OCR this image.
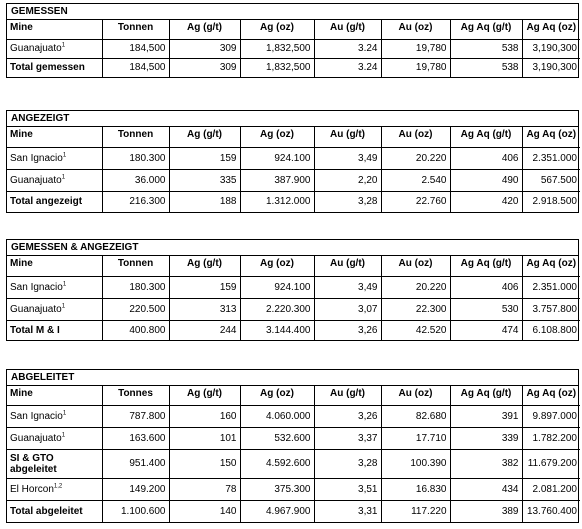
GEMESSEN
Mine	Tonnen	Ag (g/t)	Ag (oz)	Au (g/t)	Au (oz)	Ag Aq (g/t)	Ag Aq (oz)
Guanajuato$^1$	184,500	309	1,832,500	3.24	19,780	538	3,190,300
Total gemessen	184,500	309	1,832,500	3.24	19,780	538	3,190,300
ANGEZEIGT
Mine	Tonnen	Ag (g/t)	Ag (oz)	Au (g/t)	Au (oz)	Ag Aq (g/t)	Ag Aq (oz)
San Ignacio$^1$	180.300	159	924.100	3,49	20.220	406	2.351.000
Guanajuato$^1$	36.000	335	387.900	2,20	2.540	490	567.500
Total angezeigt	216.300	188	1.312.000	3,28	22.760	420	2.918.500
GEMESSEN & ANGEZEIGT
Mine	Tonnen	Ag (g/t)	Ag (oz)	Au (g/t)	Au (oz)	Ag Aq (g/t)	Ag Aq (oz)
San Ignacio$^1$	180.300	159	924.100	3,49	20.220	406	2.351.000
Guanajuato$^1$	220.500	313	2.220.300	3,07	22.300	530	3.757.800
Total M & I	400.800	244	3.144.400	3,26	42.520	474	6.108.800
ABGELEITET
Mine	Tonnes	Ag (g/t)	Ag (oz)	Au (g/t)	Au (oz)	Ag Aq (g/t)	Ag Aq (oz)
San Ignacio$^1$	787.800	160	4.060.000	3,26	82.680	391	9.897.000
Guanajuato$^1$	163.600	101	532.600	3,37	17.710	339	1.782.200
SI & GTO abgeleitet	951.400	150	4.592.600	3,28	100.390	382	11.679.200
El Horcon$^{1,2}$	149.200	78	375.300	3,51	16.830	434	2.081.200
Total abgeleitet	1.100.600	140	4.967.900	3,31	117.220	389	13.760.400
